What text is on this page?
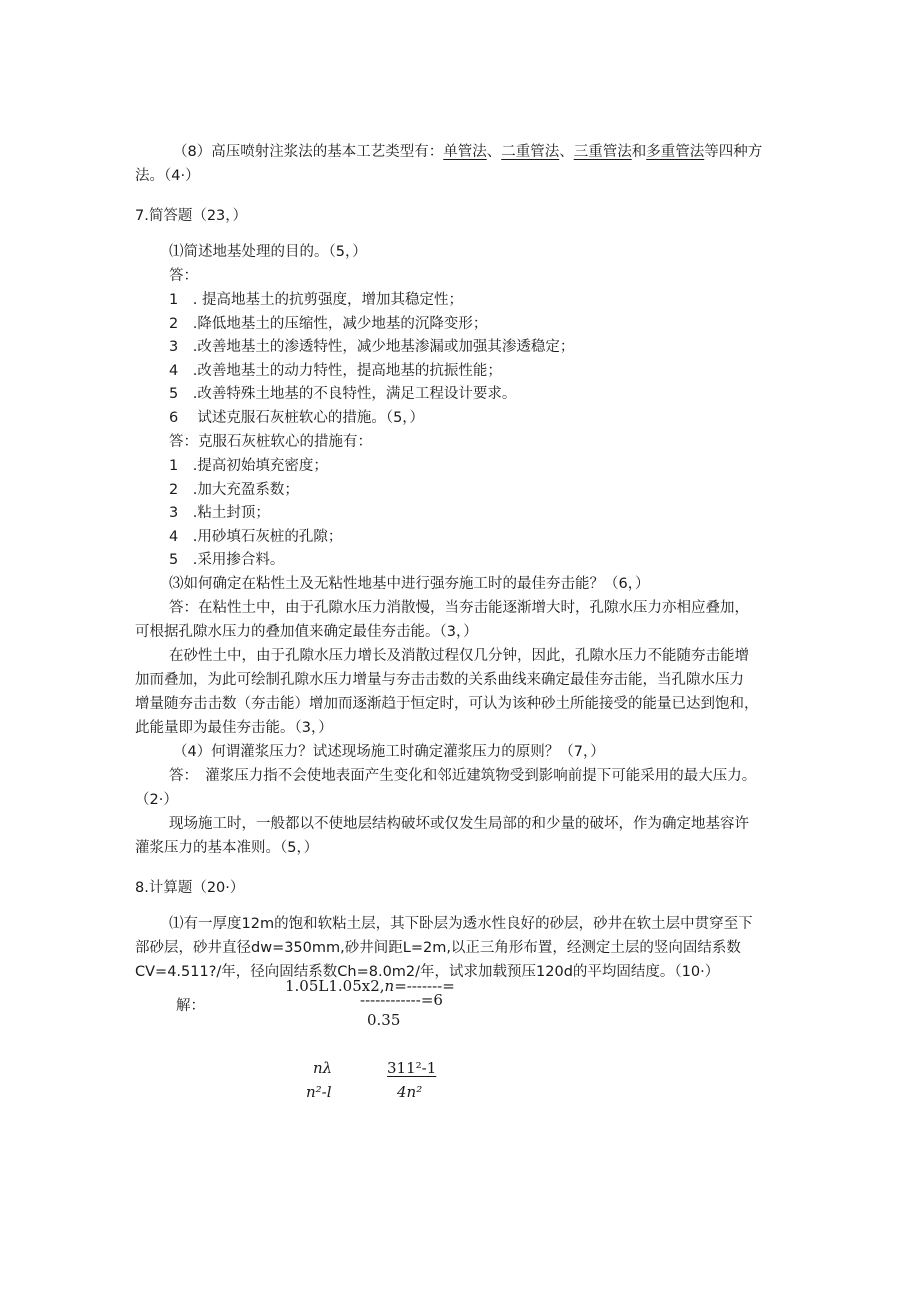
（8）高压喷射注浆法的基本工艺类型有：单管法、二重管法、三重管法和多重管法等四种方
法。（4·）
7.简答题（23，）
⑴简述地基处理的目的。（5，）
答：
1　. 提高地基土的抗剪强度，增加其稳定性；
2　.降低地基土的压缩性，减少地基的沉降变形；
3　.改善地基土的渗透特性，减少地基渗漏或加强其渗透稳定；
4　.改善地基土的动力特性，提高地基的抗振性能；
5　.改善特殊土地基的不良特性，满足工程设计要求。
6　 试述克服石灰桩软心的措施。（5，）
答：克服石灰桩软心的措施有：
1　.提高初始填充密度；
2　.加大充盈系数；
3　.粘土封顶；
4　.用砂填石灰桩的孔隙；
5　.采用掺合料。
⑶如何确定在粘性土及无粘性地基中进行强夯施工时的最佳夯击能？（6，）
答：在粘性土中，由于孔隙水压力消散慢，当夯击能逐渐增大时，孔隙水压力亦相应叠加，
可根据孔隙水压力的叠加值来确定最佳夯击能。（3，）
在砂性土中，由于孔隙水压力增长及消散过程仅几分钟，因此，孔隙水压力不能随夯击能增
加而叠加，为此可绘制孔隙水压力增量与夯击击数的关系曲线来确定最佳夯击能，当孔隙水压力
增量随夯击击数（夯击能）增加而逐渐趋于恒定时，可认为该种砂土所能接受的能量已达到饱和，
此能量即为最佳夯击能。（3，）
（4）何谓灌浆压力？试述现场施工时确定灌浆压力的原则？（7，）
答：　灌浆压力指不会使地表面产生变化和邻近建筑物受到影响前提下可能采用的最大压力。
（2·）
现场施工时，一般都以不使地层结构破坏或仅发生局部的和少量的破坏，作为确定地基容许
灌浆压力的基本准则。（5，）
8.计算题（20·）
⑴有一厚度12m的饱和软粘土层，其下卧层为透水性良好的砂层，砂井在软土层中贯穿至下
部砂层，砂井直径dw=350mm,砂井间距L=2m,以正三角形布置，经测定土层的竖向固结系数
CV=4.511?/年，径向固结系数Ch=8.0m2/年，试求加载预压120d的平均固结度。（10·）
解：
1.05L1.05x2,n=-------=
------------=6
0.35
nλ	311²-1
n²-l	4n²
